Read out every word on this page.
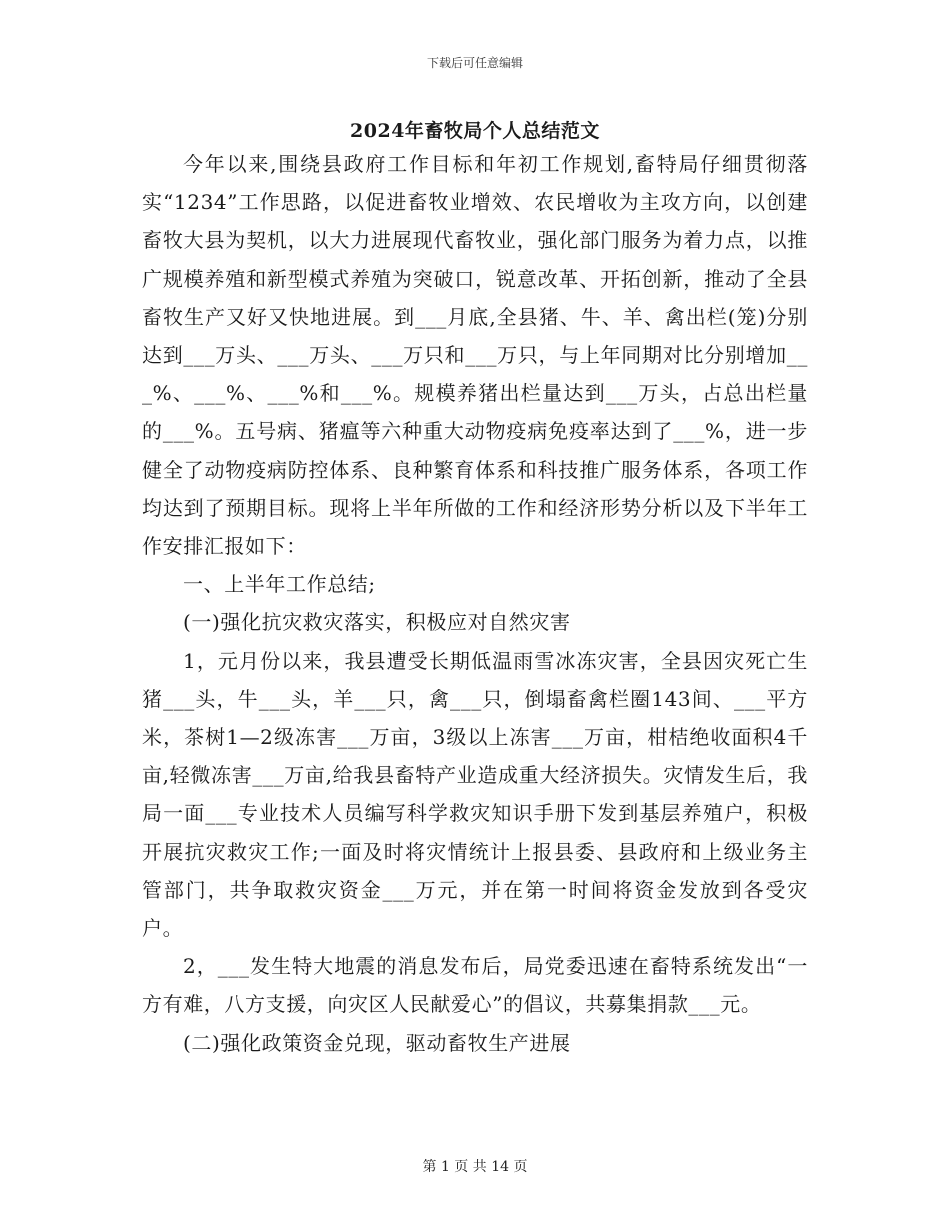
下载后可任意编辑
2024年畜牧局个人总结范文

今年以来,围绕县政府工作目标和年初工作规划,畜特局仔细贯彻落实“1234”工作思路，以促进畜牧业增效、农民增收为主攻方向，以创建畜牧大县为契机，以大力进展现代畜牧业，强化部门服务为着力点，以推广规模养殖和新型模式养殖为突破口，锐意改革、开拓创新，推动了全县畜牧生产又好又快地进展。到___月底,全县猪、牛、羊、禽出栏(笼)分别达到___万头、___万头、___万只和___万只，与上年同期对比分别增加___%、___%、___%和___%。规模养猪出栏量达到___万头，占总出栏量的___%。五号病、猪瘟等六种重大动物疫病免疫率达到了___%，进一步健全了动物疫病防控体系、良种繁育体系和科技推广服务体系，各项工作均达到了预期目标。现将上半年所做的工作和经济形势分析以及下半年工作安排汇报如下：

一、上半年工作总结;

(一)强化抗灾救灾落实，积极应对自然灾害

1，元月份以来，我县遭受长期低温雨雪冰冻灾害，全县因灾死亡生猪___头，牛___头，羊___只，禽___只，倒塌畜禽栏圈143间、___平方米，茶树1—2级冻害___万亩，3级以上冻害___万亩，柑桔绝收面积4千亩,轻微冻害___万亩,给我县畜特产业造成重大经济损失。灾情发生后，我局一面___专业技术人员编写科学救灾知识手册下发到基层养殖户，积极开展抗灾救灾工作;一面及时将灾情统计上报县委、县政府和上级业务主管部门，共争取救灾资金___万元，并在第一时间将资金发放到各受灾户。

2，___发生特大地震的消息发布后，局党委迅速在畜特系统发出“一方有难，八方支援，向灾区人民献爱心”的倡议，共募集捐款___元。

(二)强化政策资金兑现，驱动畜牧生产进展

第 1 页 共 14 页
